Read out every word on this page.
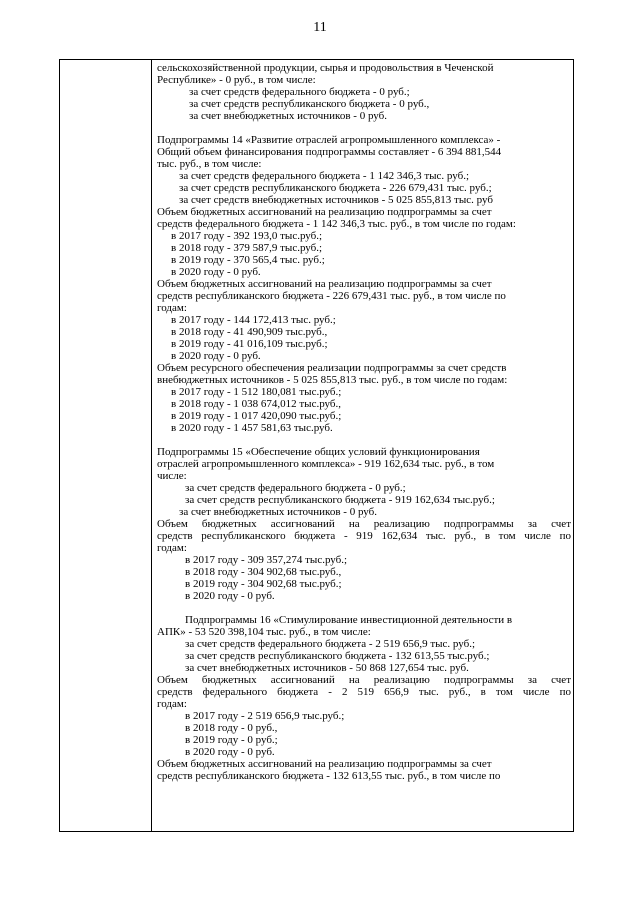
11
сельскохозяйственной продукции, сырья и продовольствия в Чеченской
Республике» - 0 руб., в том числе:
за счет средств федерального бюджета - 0 руб.;
за счет средств республиканского бюджета - 0 руб.,
за счет внебюджетных источников - 0 руб.
Подпрограммы 14 «Развитие отраслей агропромышленного комплекса» -
Общий объем финансирования подпрограммы составляет - 6 394 881,544
тыс. руб., в том числе:
за счет средств федерального бюджета - 1 142 346,3 тыс. руб.;
за счет средств республиканского бюджета - 226 679,431 тыс. руб.;
за счет средств внебюджетных источников - 5 025 855,813 тыс. руб
Объем бюджетных ассигнований на реализацию подпрограммы за счет
средств федерального бюджета - 1 142 346,3 тыс. руб., в том числе по годам:
в 2017 году - 392 193,0 тыс.руб.;
в 2018 году - 379 587,9 тыс.руб.;
в 2019 году - 370 565,4 тыс. руб.;
в 2020 году - 0 руб.
Объем бюджетных ассигнований на реализацию подпрограммы за счет
средств республиканского бюджета - 226 679,431 тыс. руб., в том числе по
годам:
в 2017 году - 144 172,413 тыс. руб.;
в 2018 году - 41 490,909 тыс.руб.,
в 2019 году - 41 016,109 тыс.руб.;
в 2020 году - 0 руб.
Объем ресурсного обеспечения реализации подпрограммы за счет средств
внебюджетных источников - 5 025 855,813 тыс. руб., в том числе по годам:
в 2017 году - 1 512 180,081 тыс.руб.;
в 2018 году - 1 038 674,012 тыс.руб.,
в 2019 году - 1 017 420,090 тыс.руб.;
в 2020 году - 1 457 581,63 тыс.руб.
Подпрограммы 15 «Обеспечение общих условий функционирования
отраслей агропромышленного комплекса» - 919 162,634 тыс. руб., в том
числе:
за счет средств федерального бюджета - 0 руб.;
за счет средств республиканского бюджета - 919 162,634 тыс.руб.;
за счет внебюджетных источников - 0 руб.
Объем бюджетных ассигнований на реализацию подпрограммы за счет
средств республиканского бюджета - 919 162,634 тыс. руб., в том числе по
годам:
в 2017 году - 309 357,274 тыс.руб.;
в 2018 году - 304 902,68 тыс.руб.,
в 2019 году - 304 902,68 тыс.руб.;
в 2020 году - 0 руб.
Подпрограммы 16 «Стимулирование инвестиционной деятельности в
АПК» - 53 520 398,104 тыс. руб., в том числе:
за счет средств федерального бюджета - 2 519 656,9 тыс. руб.;
за счет средств республиканского бюджета - 132 613,55 тыс.руб.;
за счет внебюджетных источников - 50 868 127,654 тыс. руб.
Объем бюджетных ассигнований на реализацию подпрограммы за счет
средств федерального бюджета - 2 519 656,9 тыс. руб., в том числе по
годам:
в 2017 году - 2 519 656,9 тыс.руб.;
в 2018 году - 0 руб.,
в 2019 году - 0 руб.;
в 2020 году - 0 руб.
Объем бюджетных ассигнований на реализацию подпрограммы за счет
средств республиканского бюджета - 132 613,55 тыс. руб., в том числе по
